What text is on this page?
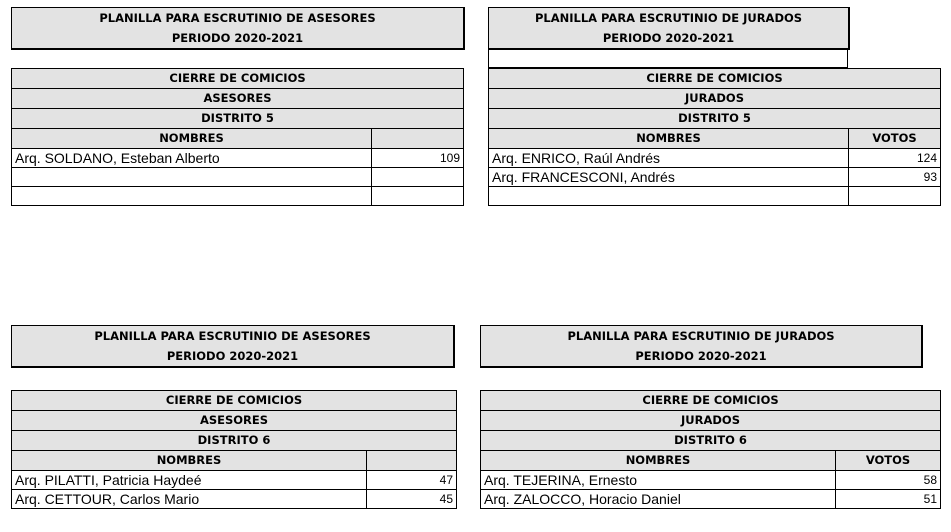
PLANILLA PARA ESCRUTINIO DE ASESORES
PERIODO 2020-2021
CIERRE DE COMICIOS	
ASESORES	
DISTRITO 5	
NOMBRES	
Arq. SOLDANO, Esteban Alberto	109

PLANILLA PARA ESCRUTINIO DE JURADOS
PERIODO 2020-2021
CIERRE DE COMICIOS	
JURADOS	
DISTRITO 5	
NOMBRES	VOTOS
Arq. ENRICO, Raúl Andrés	124
Arq. FRANCESCONI, Andrés	93

PLANILLA PARA ESCRUTINIO DE ASESORES
PERIODO 2020-2021
CIERRE DE COMICIOS	
ASESORES	
DISTRITO 6	
NOMBRES	
Arq. PILATTI, Patricia Haydeé	47
Arq. CETTOUR, Carlos Mario	45
PLANILLA PARA ESCRUTINIO DE JURADOS
PERIODO 2020-2021
CIERRE DE COMICIOS	
JURADOS	
DISTRITO 6	
NOMBRES	VOTOS
Arq. TEJERINA, Ernesto	58
Arq. ZALOCCO, Horacio Daniel	51
